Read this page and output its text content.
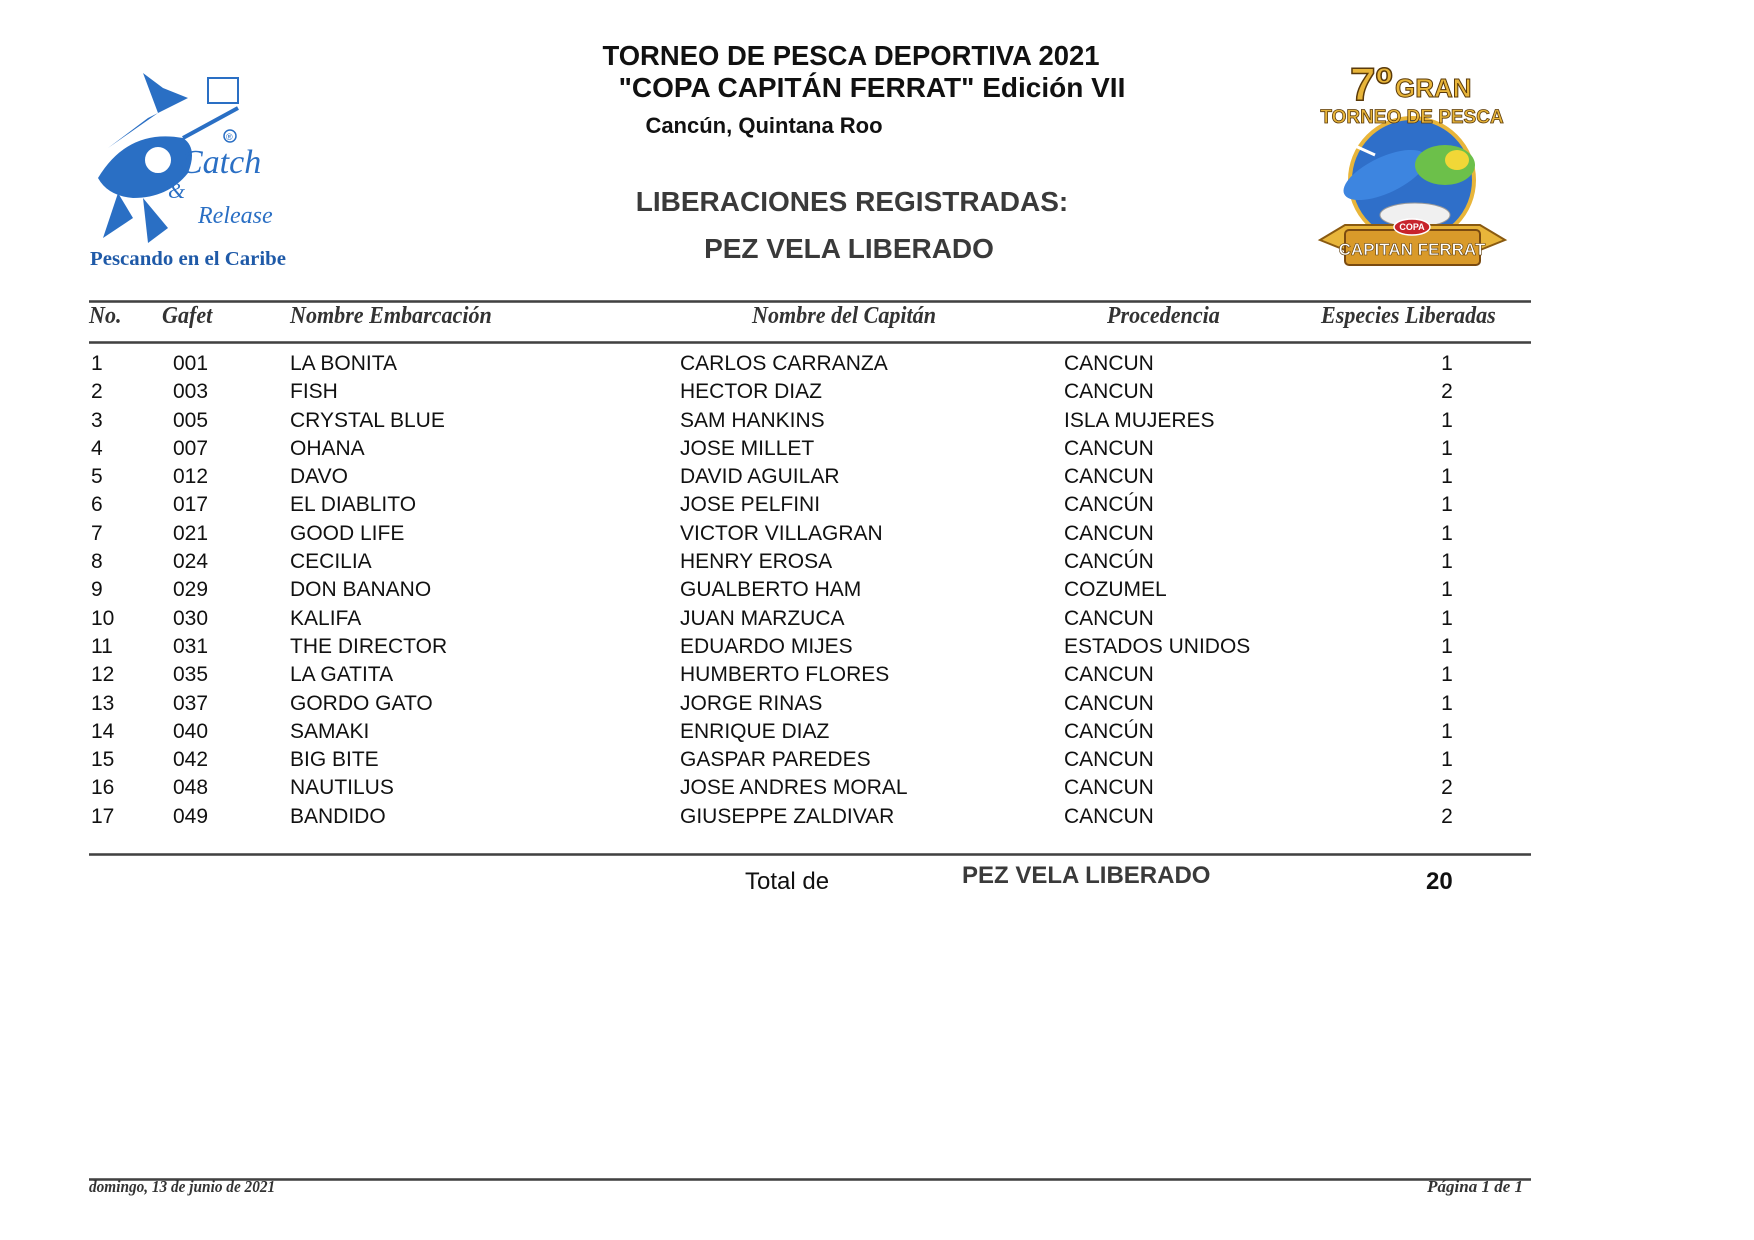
Catch
&
Release
®
Pescando en el Caribe
COPA
CAPITAN FERRAT
7º GRAN
TORNEO DE PESCA
TORNEO DE PESCA DEPORTIVA 2021
"COPA CAPITÁN FERRAT" Edición VII
Cancún, Quintana Roo
LIBERACIONES REGISTRADAS:
PEZ VELA LIBERADO
No. Gafet	Nombre Embarcación	Nombre del Capitán	Procedencia	Especies Liberadas
1	001	LA BONITA	CARLOS CARRANZA	CANCUN	1
2	003	FISH	HECTOR DIAZ	CANCUN	2
3	005	CRYSTAL BLUE	SAM HANKINS	ISLA MUJERES	1
4	007	OHANA	JOSE MILLET	CANCUN	1
5	012	DAVO	DAVID AGUILAR	CANCUN	1
6	017	EL DIABLITO	JOSE PELFINI	CANCÚN	1
7	021	GOOD LIFE	VICTOR VILLAGRAN	CANCUN	1
8	024	CECILIA	HENRY EROSA	CANCÚN	1
9	029	DON BANANO	GUALBERTO HAM	COZUMEL	1
10	030	KALIFA	JUAN MARZUCA	CANCUN	1
11	031	THE DIRECTOR	EDUARDO MIJES	ESTADOS UNIDOS	1
12	035	LA GATITA	HUMBERTO FLORES	CANCUN	1
13	037	GORDO GATO	JORGE RINAS	CANCUN	1
14	040	SAMAKI	ENRIQUE DIAZ	CANCÚN	1
15	042	BIG BITE	GASPAR PAREDES	CANCUN	1
16	048	NAUTILUS	JOSE ANDRES MORAL	CANCUN	2
17	049	BANDIDO	GIUSEPPE ZALDIVAR	CANCUN	2
Total de	PEZ VELA LIBERADO	20
domingo, 13 de junio de 2021	Página 1 de 1
